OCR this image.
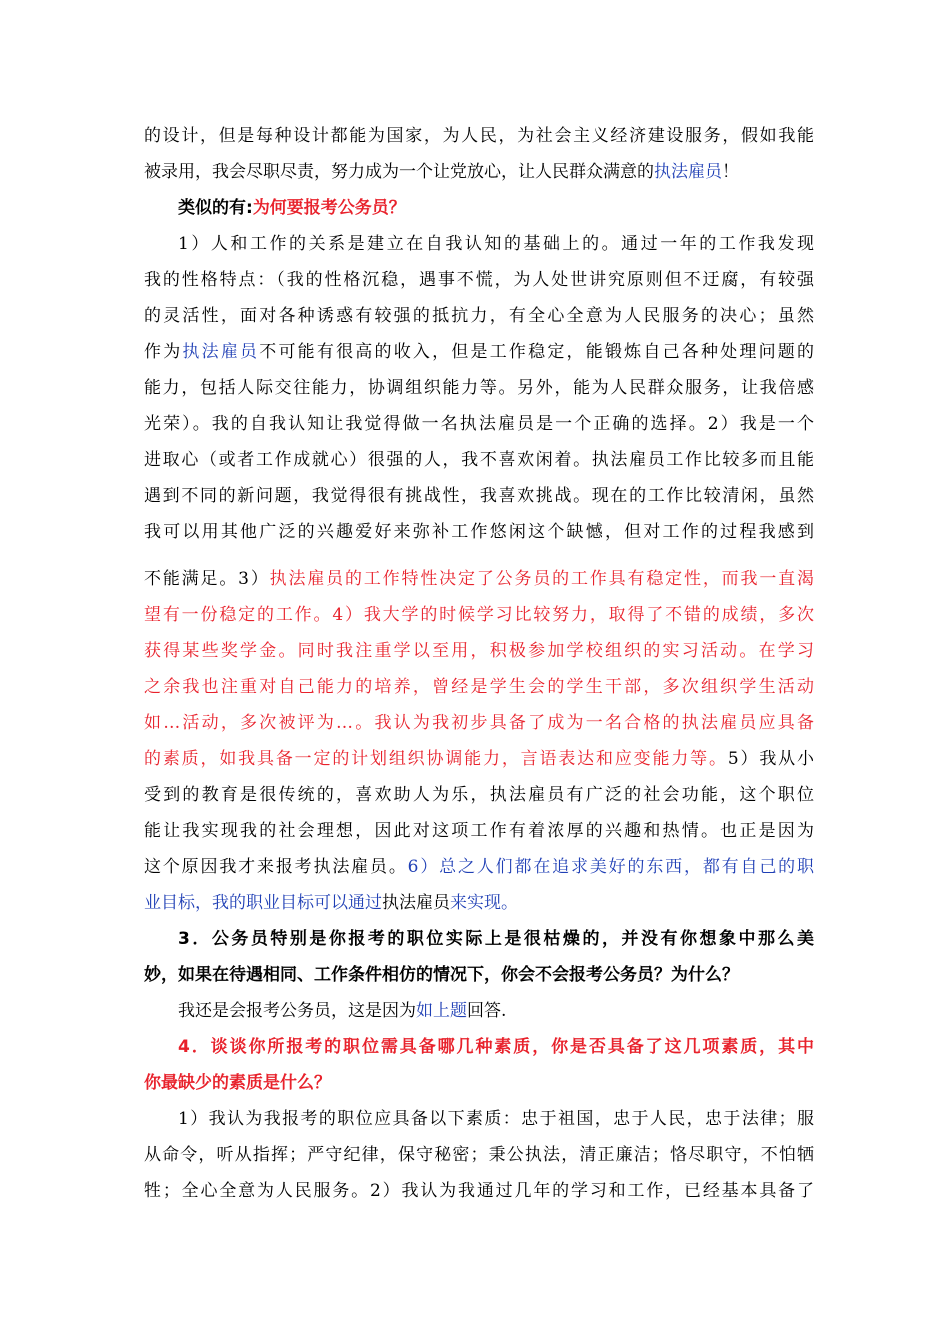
的设计，但是每种设计都能为国家，为人民，为社会主义经济建设服务，假如我能
被录用，我会尽职尽责，努力成为一个让党放心，让人民群众满意的执法雇员！
类似的有:为何要报考公务员？
1）人和工作的关系是建立在自我认知的基础上的。通过一年的工作我发现
我的性格特点：（我的性格沉稳，遇事不慌，为人处世讲究原则但不迂腐，有较强
的灵活性，面对各种诱惑有较强的抵抗力，有全心全意为人民服务的决心；虽然
作为执法雇员不可能有很高的收入，但是工作稳定，能锻炼自己各种处理问题的
能力，包括人际交往能力，协调组织能力等。另外，能为人民群众服务，让我倍感
光荣）。我的自我认知让我觉得做一名执法雇员是一个正确的选择。2）我是一个
进取心（或者工作成就心）很强的人，我不喜欢闲着。执法雇员工作比较多而且能
遇到不同的新问题，我觉得很有挑战性，我喜欢挑战。现在的工作比较清闲，虽然
我可以用其他广泛的兴趣爱好来弥补工作悠闲这个缺憾，但对工作的过程我感到
不能满足。3）执法雇员的工作特性决定了公务员的工作具有稳定性，而我一直渴
望有一份稳定的工作。4）我大学的时候学习比较努力，取得了不错的成绩，多次
获得某些奖学金。同时我注重学以至用，积极参加学校组织的实习活动。在学习
之余我也注重对自己能力的培养，曾经是学生会的学生干部，多次组织学生活动
如…活动，多次被评为…。我认为我初步具备了成为一名合格的执法雇员应具备
的素质，如我具备一定的计划组织协调能力，言语表达和应变能力等。5）我从小
受到的教育是很传统的，喜欢助人为乐，执法雇员有广泛的社会功能，这个职位
能让我实现我的社会理想，因此对这项工作有着浓厚的兴趣和热情。也正是因为
这个原因我才来报考执法雇员。6）总之人们都在追求美好的东西，都有自己的职
业目标，我的职业目标可以通过执法雇员来实现。
3．公务员特别是你报考的职位实际上是很枯燥的，并没有你想象中那么美
妙，如果在待遇相同、工作条件相仿的情况下，你会不会报考公务员？为什么？
我还是会报考公务员，这是因为如上题回答.
4．谈谈你所报考的职位需具备哪几种素质，你是否具备了这几项素质，其中
你最缺少的素质是什么？
1）我认为我报考的职位应具备以下素质：忠于祖国，忠于人民，忠于法律；服
从命令，听从指挥；严守纪律，保守秘密；秉公执法，清正廉洁；恪尽职守，不怕牺
牲；全心全意为人民服务。2）我认为我通过几年的学习和工作，已经基本具备了
